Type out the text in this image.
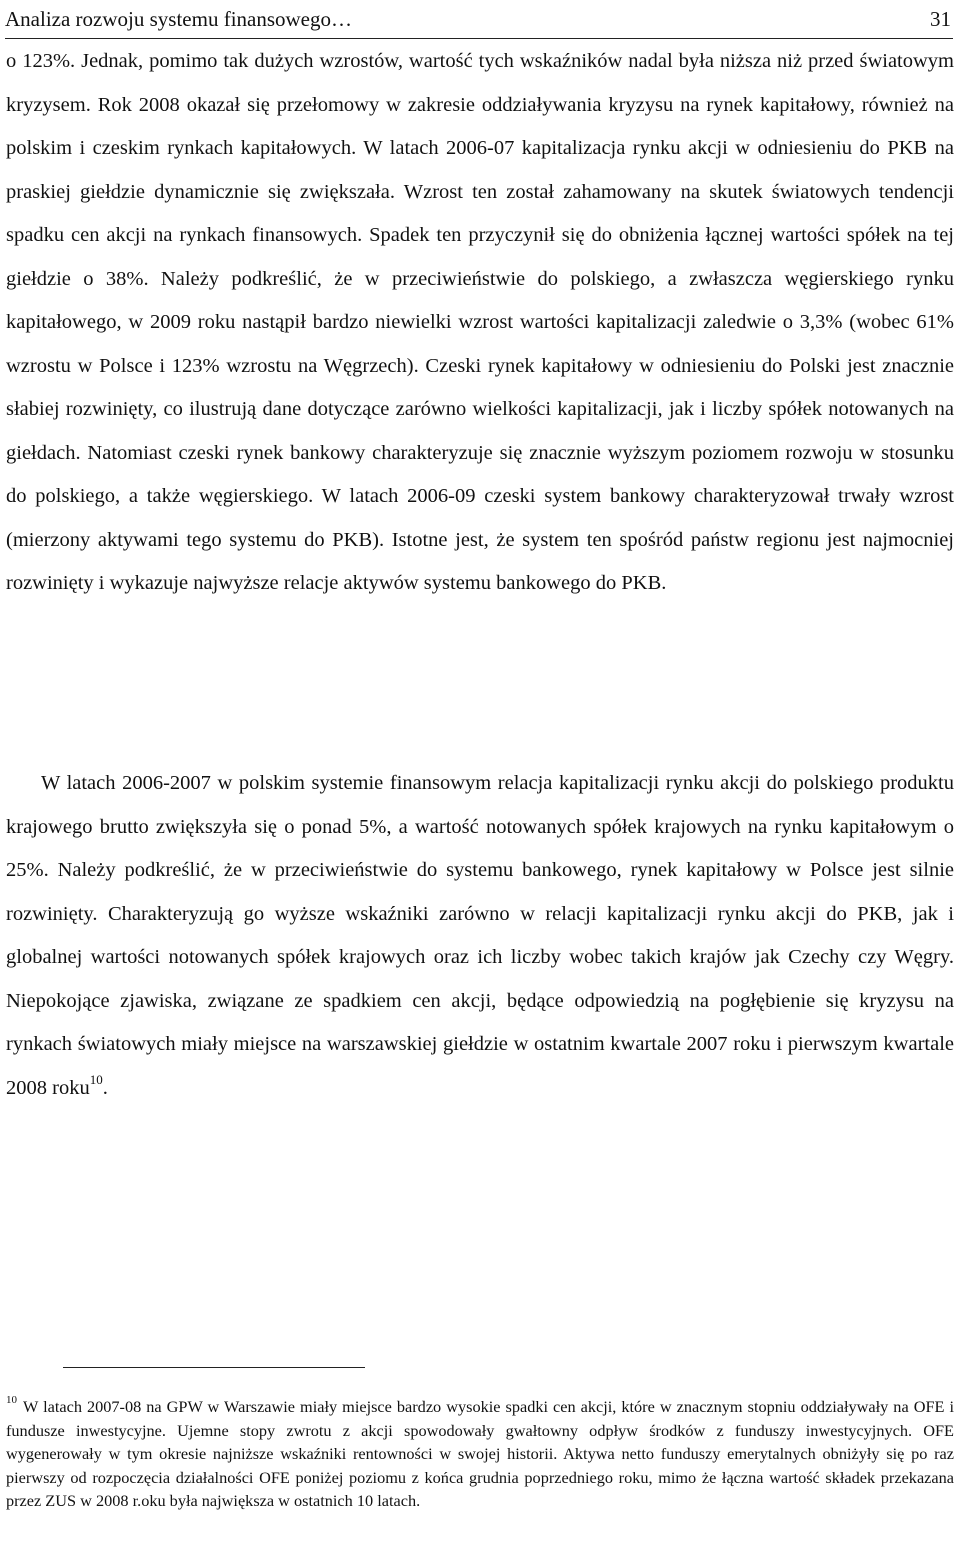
Analiza rozwoju systemu finansowego…	31

o 123%. Jednak, pomimo tak dużych wzrostów, wartość tych wskaźników nadal była niższa niż przed światowym kryzysem. Rok 2008 okazał się przełomowy w zakresie oddziaływania kryzysu na rynek kapitałowy, również na polskim i czeskim rynkach kapitałowych. W latach 2006-07 kapitalizacja rynku akcji w odniesieniu do PKB na praskiej giełdzie dynamicznie się zwiększała. Wzrost ten został zahamowany na skutek światowych tendencji spadku cen akcji na rynkach finansowych. Spadek ten przyczynił się do obniżenia łącznej wartości spółek na tej giełdzie o 38%. Należy podkreślić, że w przeciwieństwie do polskiego, a zwłaszcza węgierskiego rynku kapitałowego, w 2009 roku nastąpił bardzo niewielki wzrost wartości kapitalizacji zaledwie o 3,3% (wobec 61% wzrostu w Polsce i 123% wzrostu na Węgrzech). Czeski rynek kapitałowy w odniesieniu do Polski jest znacznie słabiej rozwinięty, co ilustrują dane dotyczące zarówno wielkości kapitalizacji, jak i liczby spółek notowanych na giełdach. Natomiast czeski rynek bankowy charakteryzuje się znacznie wyższym poziomem rozwoju w stosunku do polskiego, a także węgierskiego. W latach 2006-09 czeski system bankowy charakteryzował trwały wzrost (mierzony aktywami tego systemu do PKB). Istotne jest, że system ten spośród państw regionu jest najmocniej rozwinięty i wykazuje najwyższe relacje aktywów systemu bankowego do PKB.

W latach 2006-2007 w polskim systemie finansowym relacja kapitalizacji rynku akcji do polskiego produktu krajowego brutto zwiększyła się o ponad 5%, a wartość notowanych spółek krajowych na rynku kapitałowym o 25%. Należy podkreślić, że w przeciwieństwie do systemu bankowego, rynek kapitałowy w Polsce jest silnie rozwinięty. Charakteryzują go wyższe wskaźniki zarówno w relacji kapitalizacji rynku akcji do PKB, jak i globalnej wartości notowanych spółek krajowych oraz ich liczby wobec takich krajów jak Czechy czy Węgry. Niepokojące zjawiska, związane ze spadkiem cen akcji, będące odpowiedzią na pogłębienie się kryzysu na rynkach światowych miały miejsce na warszawskiej giełdzie w ostatnim kwartale 2007 roku i pierwszym kwartale 2008 roku$^{10}$.

$^{10}$ W latach 2007-08 na GPW w Warszawie miały miejsce bardzo wysokie spadki cen akcji, które w znacznym stopniu oddziaływały na OFE i fundusze inwestycyjne. Ujemne stopy zwrotu z akcji spowodowały gwałtowny odpływ środków z funduszy inwestycyjnych. OFE wygenerowały w tym okresie najniższe wskaźniki rentowności w swojej historii. Aktywa netto funduszy emerytalnych obniżyły się po raz pierwszy od rozpoczęcia działalności OFE poniżej poziomu z końca grudnia poprzedniego roku, mimo że łączna wartość składek przekazana przez ZUS w 2008 r.oku była największa w ostatnich 10 latach.
